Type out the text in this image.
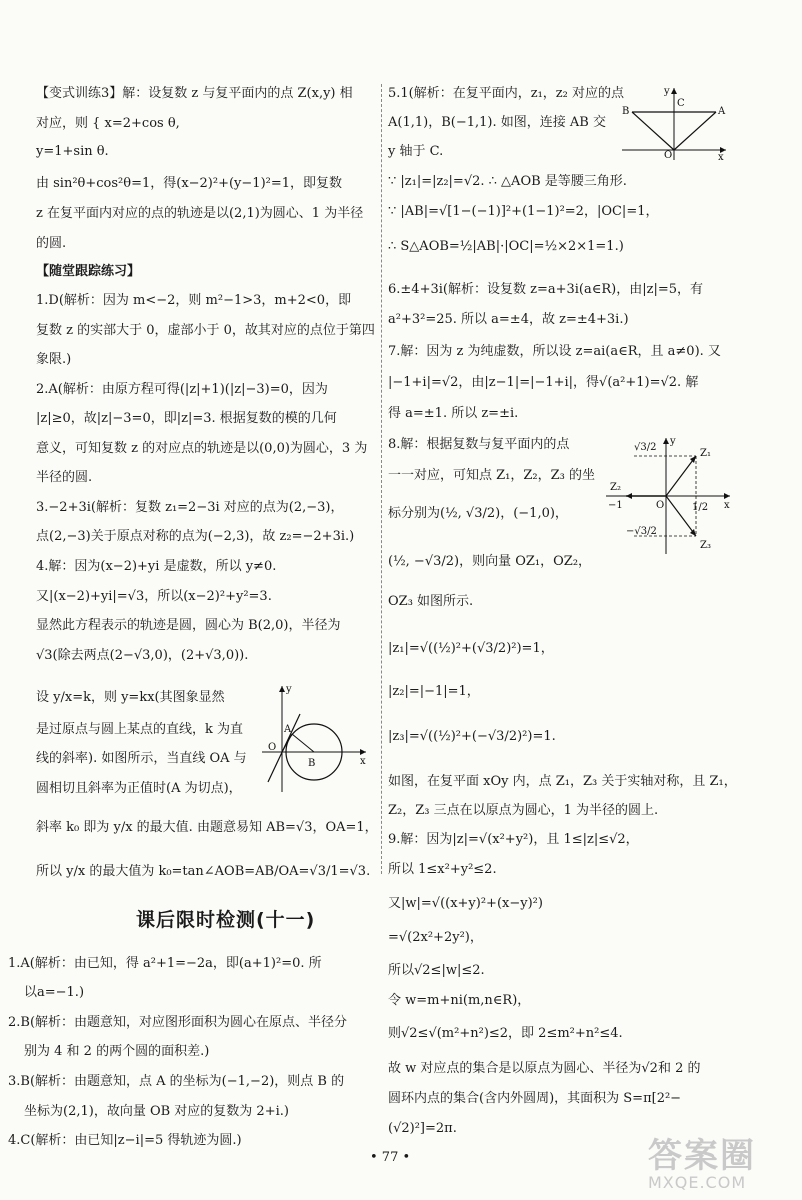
【变式训练3】解：设复数 z 与复平面内的点 Z(x,y) 相
对应，则 { x=2+cos θ,
y=1+sin θ.
由 sin²θ+cos²θ=1，得(x−2)²+(y−1)²=1，即复数
z 在复平面内对应的点的轨迹是以(2,1)为圆心、1 为半径
的圆.
【随堂跟踪练习】
1.D(解析：因为 m<−2，则 m²−1>3，m+2<0，即
复数 z 的实部大于 0，虚部小于 0，故其对应的点位于第四
象限.)
2.A(解析：由原方程可得(|z|+1)(|z|−3)=0，因为
|z|≥0，故|z|−3=0，即|z|=3. 根据复数的模的几何
意义，可知复数 z 的对应点的轨迹是以(0,0)为圆心，3 为
半径的圆.
3.−2+3i(解析：复数 z₁=2−3i 对应的点为(2,−3)，
点(2,−3)关于原点对称的点为(−2,3)，故 z₂=−2+3i.)
4.解：因为(x−2)+yi 是虚数，所以 y≠0.
又|(x−2)+yi|=√3，所以(x−2)²+y²=3.
显然此方程表示的轨迹是圆，圆心为 B(2,0)，半径为
√3(除去两点(2−√3,0)，(2+√3,0)).
设 y/x=k，则 y=kx(其图象显然
是过原点与圆上某点的直线，k 为直
线的斜率). 如图所示，当直线 OA 与
圆相切且斜率为正值时(A 为切点)，
斜率 k₀ 即为 y/x 的最大值. 由题意易知 AB=√3，OA=1，
所以 y/x 的最大值为 k₀=tan∠AOB=AB/OA=√3/1=√3.
课后限时检测(十一)
1.A(解析：由已知，得 a²+1=−2a，即(a+1)²=0. 所
以a=−1.)
2.B(解析：由题意知，对应图形面积为圆心在原点、半径分
别为 4 和 2 的两个圆的面积差.)
3.B(解析：由题意知，点 A 的坐标为(−1,−2)，则点 B 的
坐标为(2,1)，故向量 OB 对应的复数为 2+i.)
4.C(解析：由已知|z−i|=5 得轨迹为圆.)
5.1(解析：在复平面内，z₁，z₂ 对应的点
A(1,1)，B(−1,1). 如图，连接 AB 交
y 轴于 C.
∵ |z₁|=|z₂|=√2. ∴ △AOB 是等腰三角形.
∵ |AB|=√[1−(−1)]²+(1−1)²=2，|OC|=1，
∴ S△AOB=½|AB|·|OC|=½×2×1=1.)
6.±4+3i(解析：设复数 z=a+3i(a∈R)，由|z|=5，有
a²+3²=25. 所以 a=±4，故 z=±4+3i.)
7.解：因为 z 为纯虚数，所以设 z=ai(a∈R，且 a≠0). 又
|−1+i|=√2，由|z−1|=|−1+i|，得√(a²+1)=√2. 解
得 a=±1. 所以 z=±i.
8.解：根据复数与复平面内的点
一一对应，可知点 Z₁，Z₂，Z₃ 的坐
标分别为(½, √3/2)，(−1,0)，
(½, −√3/2)，则向量 OZ₁，OZ₂，
OZ₃ 如图所示.
|z₁|=√((½)²+(√3/2)²)=1，
|z₂|=|−1|=1，
|z₃|=√((½)²+(−√3/2)²)=1.
如图，在复平面 xOy 内，点 Z₁，Z₃ 关于实轴对称，且 Z₁，
Z₂，Z₃ 三点在以原点为圆心，1 为半径的圆上.
9.解：因为|z|=√(x²+y²)，且 1≤|z|≤√2，
所以 1≤x²+y²≤2.
又|w|=√((x+y)²+(x−y)²)
=√(2x²+2y²)，
所以√2≤|w|≤2.
令 w=m+ni(m,n∈R)，
则√2≤√(m²+n²)≤2，即 2≤m²+n²≤4.
故 w 对应点的集合是以原点为圆心、半径为√2和 2 的
圆环内点的集合(含内外圆周)，其面积为 S=π[2²−
(√2)²]=2π.
y
O
A
B	x
y
B
C
A
O	x
√3/2
y
Z₁
Z₂
−1	O	1/2 x
−√3/2
Z₃
• 77 •	答案圈
MXQE.COM
